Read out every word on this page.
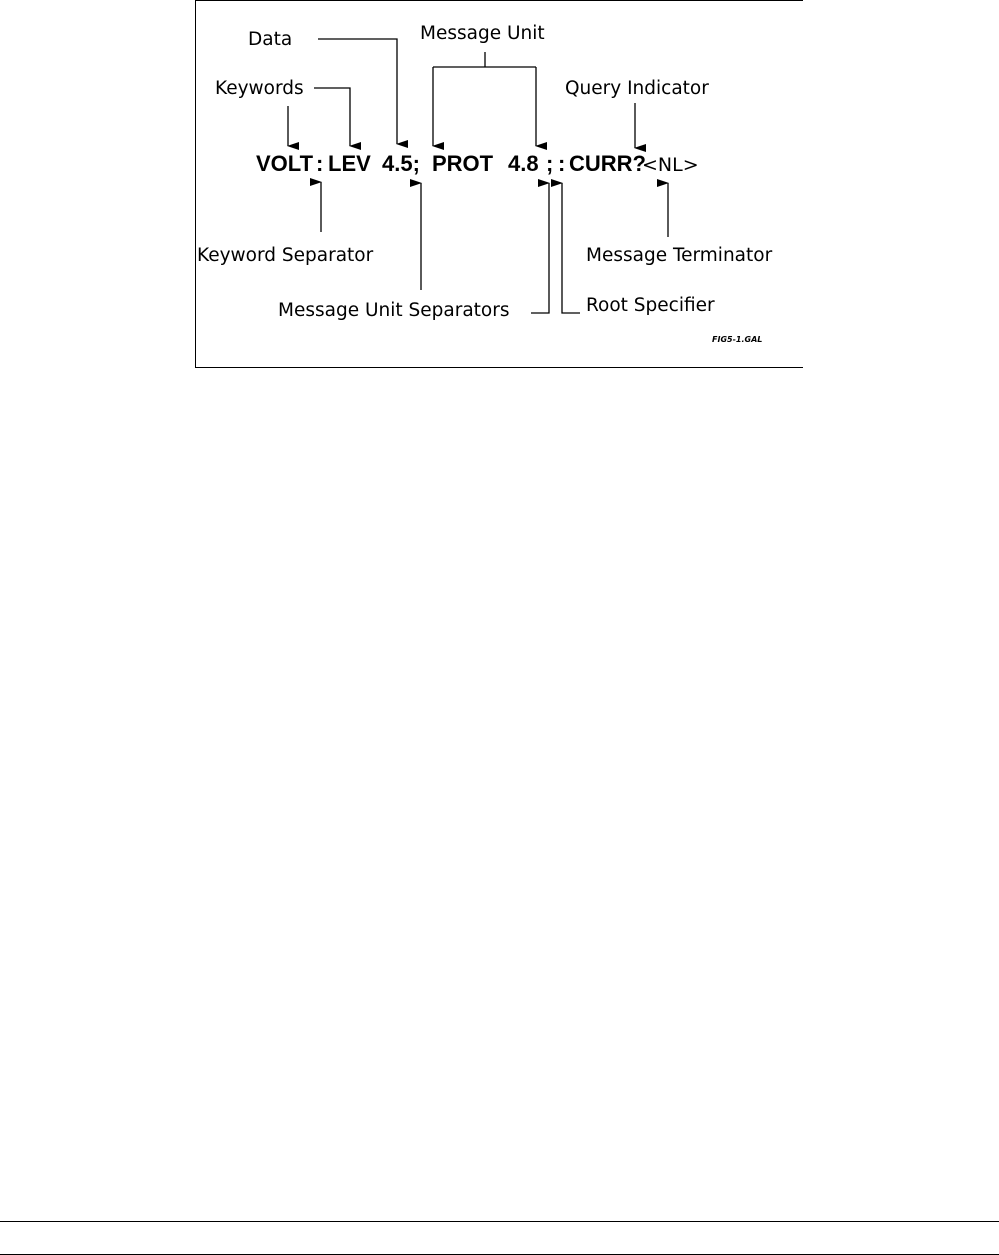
Data	Message Unit
Keywords	Query Indicator
VOLT : LEV 4.5; PROT 4.8 ; : CURR?
<NL>
Keyword Separator	Message Terminator
Message Unit Separators	Root Specifier
FIG5-1.GAL
